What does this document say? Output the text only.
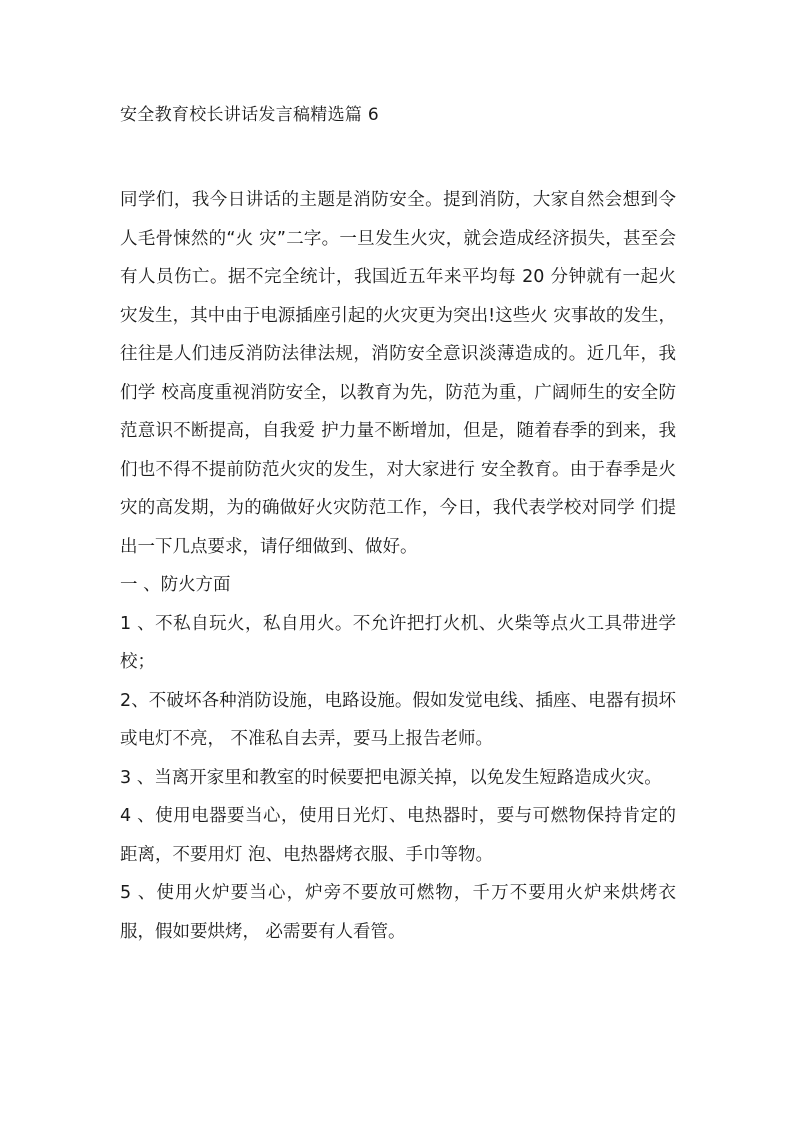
安全教育校长讲话发言稿精选篇 6

同学们，我今日讲话的主题是消防安全。提到消防，大家自然会想到令人毛骨悚然的“火 灾”二字。一旦发生火灾，就会造成经济损失，甚至会有人员伤亡。据不完全统计，我国近五年来平均每 20 分钟就有一起火灾发生，其中由于电源插座引起的火灾更为突出!这些火 灾事故的发生，往往是人们违反消防法律法规，消防安全意识淡薄造成的。近几年，我们学 校高度重视消防安全，以教育为先，防范为重，广阔师生的安全防范意识不断提高，自我爱 护力量不断增加，但是，随着春季的到来，我们也不得不提前防范火灾的发生，对大家进行 安全教育。由于春季是火灾的高发期，为的确做好火灾防范工作，今日，我代表学校对同学 们提出一下几点要求，请仔细做到、做好。

一 、防火方面

1 、不私自玩火，私自用火。不允许把打火机、火柴等点火工具带进学校；

2、不破坏各种消防设施，电路设施。假如发觉电线、插座、电器有损坏或电灯不亮， 不准私自去弄，要马上报告老师。

3 、当离开家里和教室的时候要把电源关掉，以免发生短路造成火灾。

4 、使用电器要当心，使用日光灯、电热器时，要与可燃物保持肯定的距离，不要用灯 泡、电热器烤衣服、手巾等物。

5 、使用火炉要当心，炉旁不要放可燃物，千万不要用火炉来烘烤衣服，假如要烘烤， 必需要有人看管。
